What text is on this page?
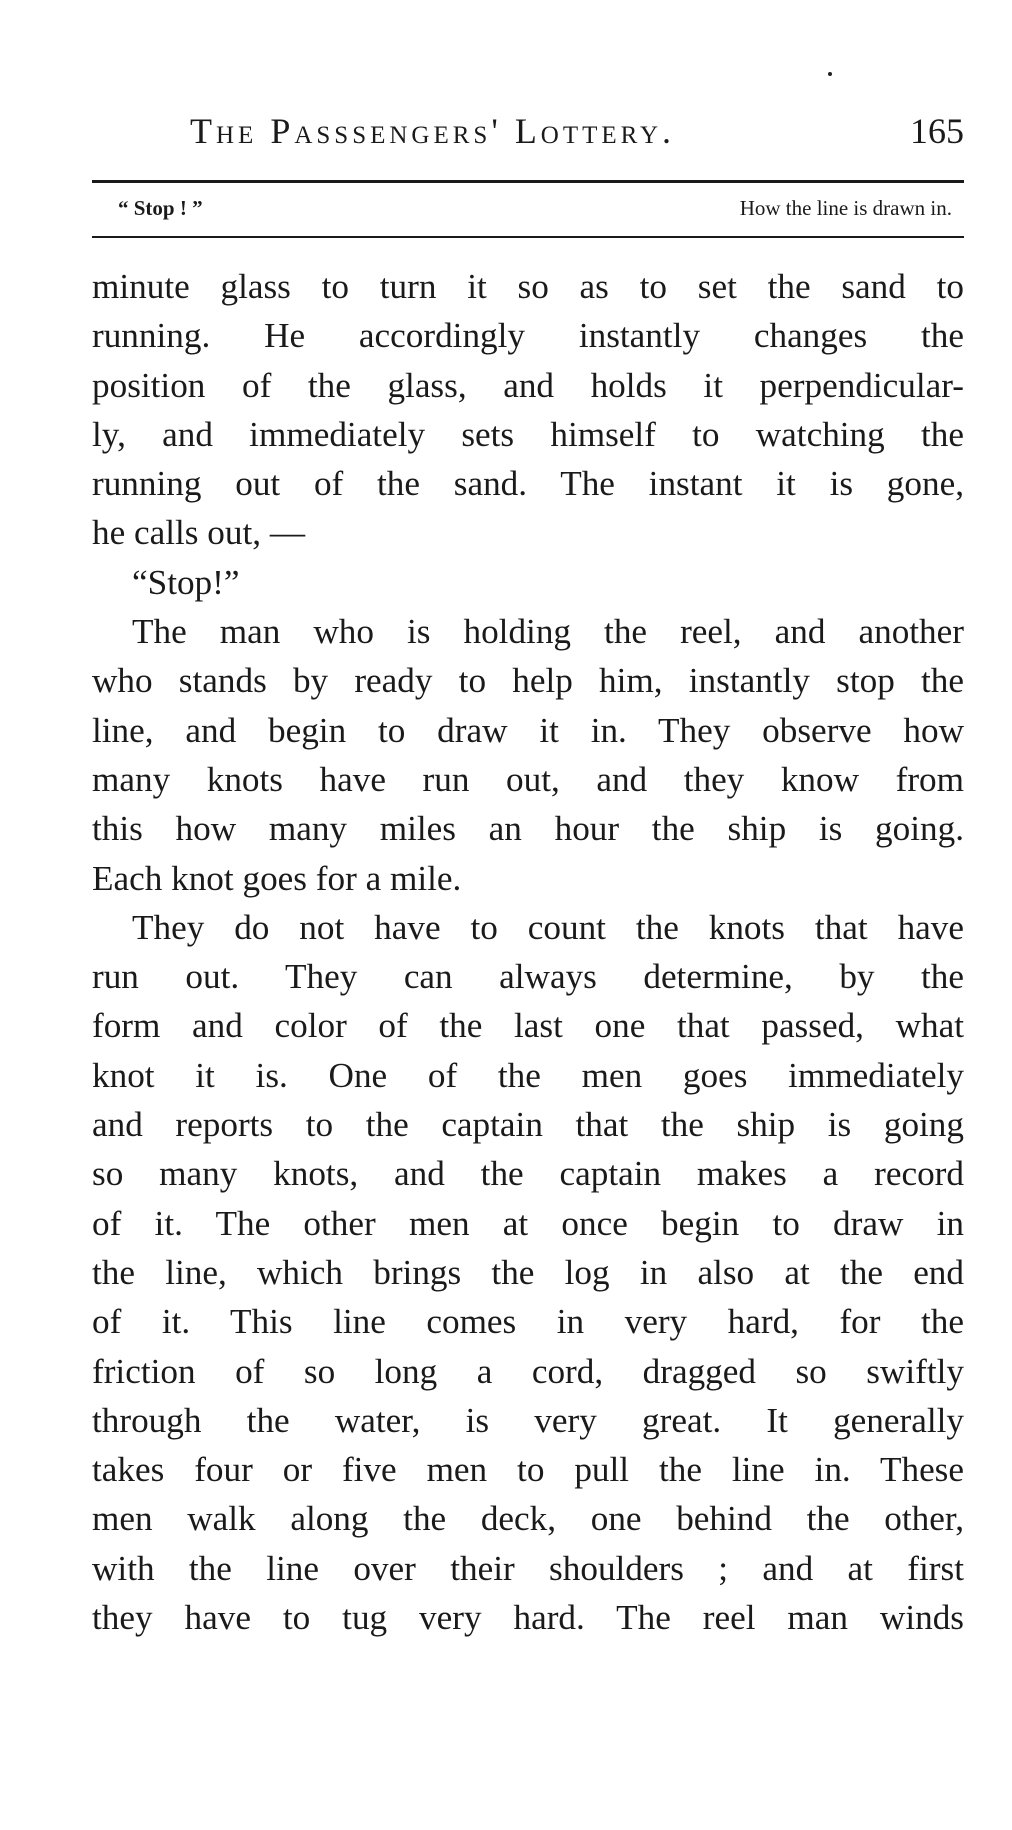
The Passsengers' Lottery.	165
“ Stop ! ”	How the line is drawn in.
minute glass to turn it so as to set the sand to
running. He accordingly instantly changes the
position of the glass, and holds it perpendicular-
ly, and immediately sets himself to watching the
running out of the sand. The instant it is gone,
he calls out, —
“Stop!”
The man who is holding the reel, and another
who stands by ready to help him, instantly stop the
line, and begin to draw it in. They observe how
many knots have run out, and they know from
this how many miles an hour the ship is going.
Each knot goes for a mile.
They do not have to count the knots that have
run out. They can always determine, by the
form and color of the last one that passed, what
knot it is. One of the men goes immediately
and reports to the captain that the ship is going
so many knots, and the captain makes a record
of it. The other men at once begin to draw in
the line, which brings the log in also at the end
of it. This line comes in very hard, for the
friction of so long a cord, dragged so swiftly
through the water, is very great. It generally
takes four or five men to pull the line in. These
men walk along the deck, one behind the other,
with the line over their shoulders ; and at first
they have to tug very hard. The reel man winds
